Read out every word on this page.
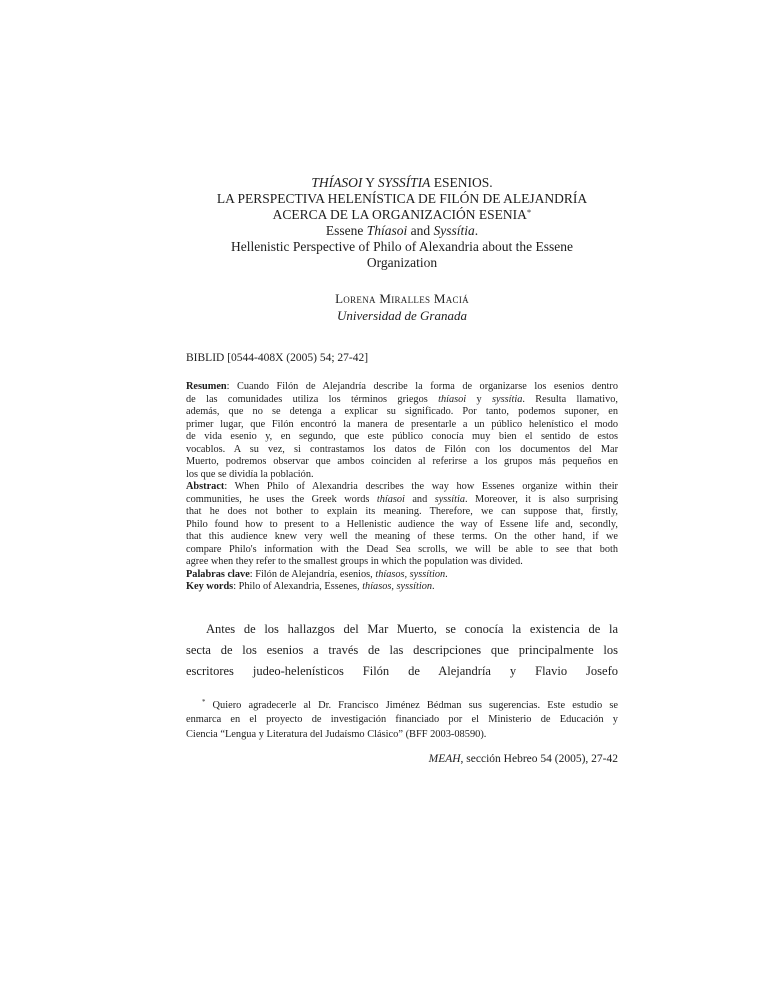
THÍASOI Y SYSSÍTIA ESENIOS.
LA PERSPECTIVA HELENÍSTICA DE FILÓN DE ALEJANDRÍA
ACERCA DE LA ORGANIZACIÓN ESENIA*
Essene Thíasoi and Syssítia.
Hellenistic Perspective of Philo of Alexandria about the Essene
Organization
Lorena Miralles Maciá
Universidad de Granada
BIBLID [0544-408X (2005) 54; 27-42]
Resumen: Cuando Filón de Alejandría describe la forma de organizarse los esenios dentro
de las comunidades utiliza los términos griegos thíasoi y syssítia. Resulta llamativo,
además, que no se detenga a explicar su significado. Por tanto, podemos suponer, en
primer lugar, que Filón encontró la manera de presentarle a un público helenístico el modo
de vida esenio y, en segundo, que este público conocía muy bien el sentido de estos
vocablos. A su vez, si contrastamos los datos de Filón con los documentos del Mar
Muerto, podremos observar que ambos coinciden al referirse a los grupos más pequeños en
los que se dividía la población.
Abstract: When Philo of Alexandria describes the way how Essenes organize within their
communities, he uses the Greek words thíasoi and syssítia. Moreover, it is also surprising
that he does not bother to explain its meaning. Therefore, we can suppose that, firstly,
Philo found how to present to a Hellenistic audience the way of Essene life and, secondly,
that this audience knew very well the meaning of these terms. On the other hand, if we
compare Philo's information with the Dead Sea scrolls, we will be able to see that both
agree when they refer to the smallest groups in which the population was divided.
Palabras clave: Filón de Alejandría, esenios, thíasos, syssítion.
Key words: Philo of Alexandria, Essenes, thíasos, syssítion.
Antes de los hallazgos del Mar Muerto, se conocía la existencia de la
secta de los esenios a través de las descripciones que principalmente los
escritores judeo-helenísticos Filón de Alejandría y Flavio Josefo
* Quiero agradecerle al Dr. Francisco Jiménez Bédman sus sugerencias. Este estudio se
enmarca en el proyecto de investigación financiado por el Ministerio de Educación y
Ciencia “Lengua y Literatura del Judaísmo Clásico” (BFF 2003-08590).
MEAH, sección Hebreo 54 (2005), 27-42
